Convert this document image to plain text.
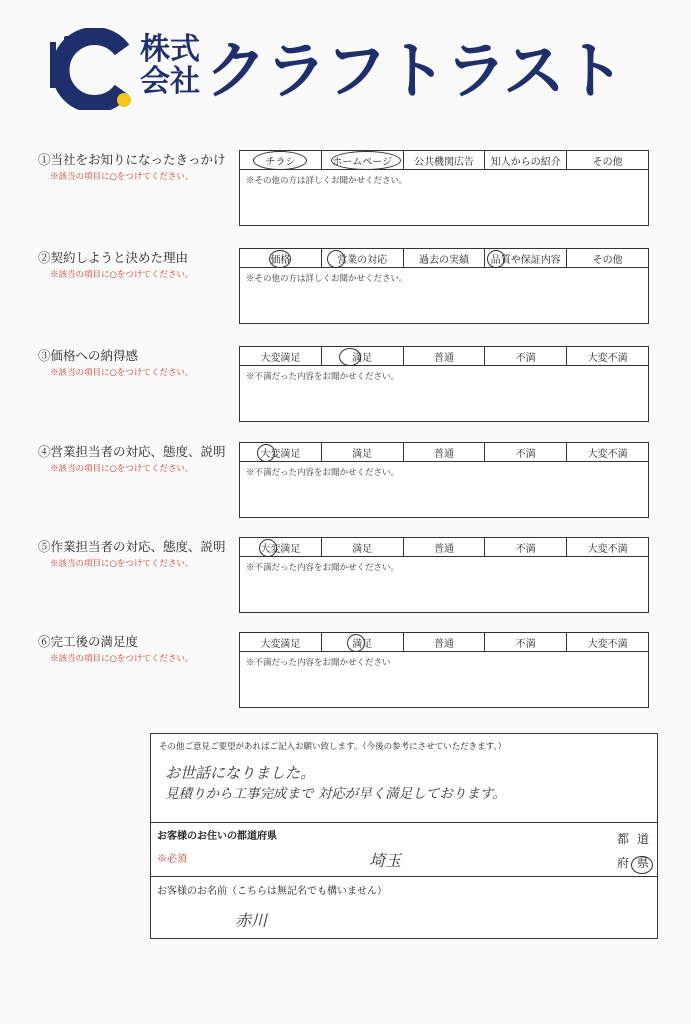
株式
会社 クラフトラスト
①当社をお知りになったきっかけ
※該当の項目に○をつけてください。
チラシ	ホームページ	公共機関広告	知人からの紹介	その他
※その他の方は詳しくお聞かせください。
②契約しようと決めた理由
※該当の項目に○をつけてください。
価格	営業の対応	過去の実績	品質や保証内容	その他
※その他の方は詳しくお聞かせください。
③価格への納得感
※該当の項目に○をつけてください。
大変満足	満足	普通	不満	大変不満
※不満だった内容をお聞かせください。
④営業担当者の対応、態度、説明
※該当の項目に○をつけてください。
大変満足	満足	普通	不満	大変不満
※不満だった内容をお聞かせください。
⑤作業担当者の対応、態度、説明
※該当の項目に○をつけてください。
大変満足	満足	普通	不満	大変不満
※不満だった内容をお聞かせください。
⑥完工後の満足度
※該当の項目に○をつけてください。
大変満足	満足	普通	不満	大変不満
※不満だった内容をお聞かせください
その他ご意見ご要望があればご記入お願い致します。（今後の参考にさせていただきます。）
お世話になりました。
見積りから工事完成まで 対応が早く満足しております。
お客様のお住いの都道府県
※必須	埼玉
都 道
府 県
お客様のお名前（こちらは無記名でも構いません）
赤川
